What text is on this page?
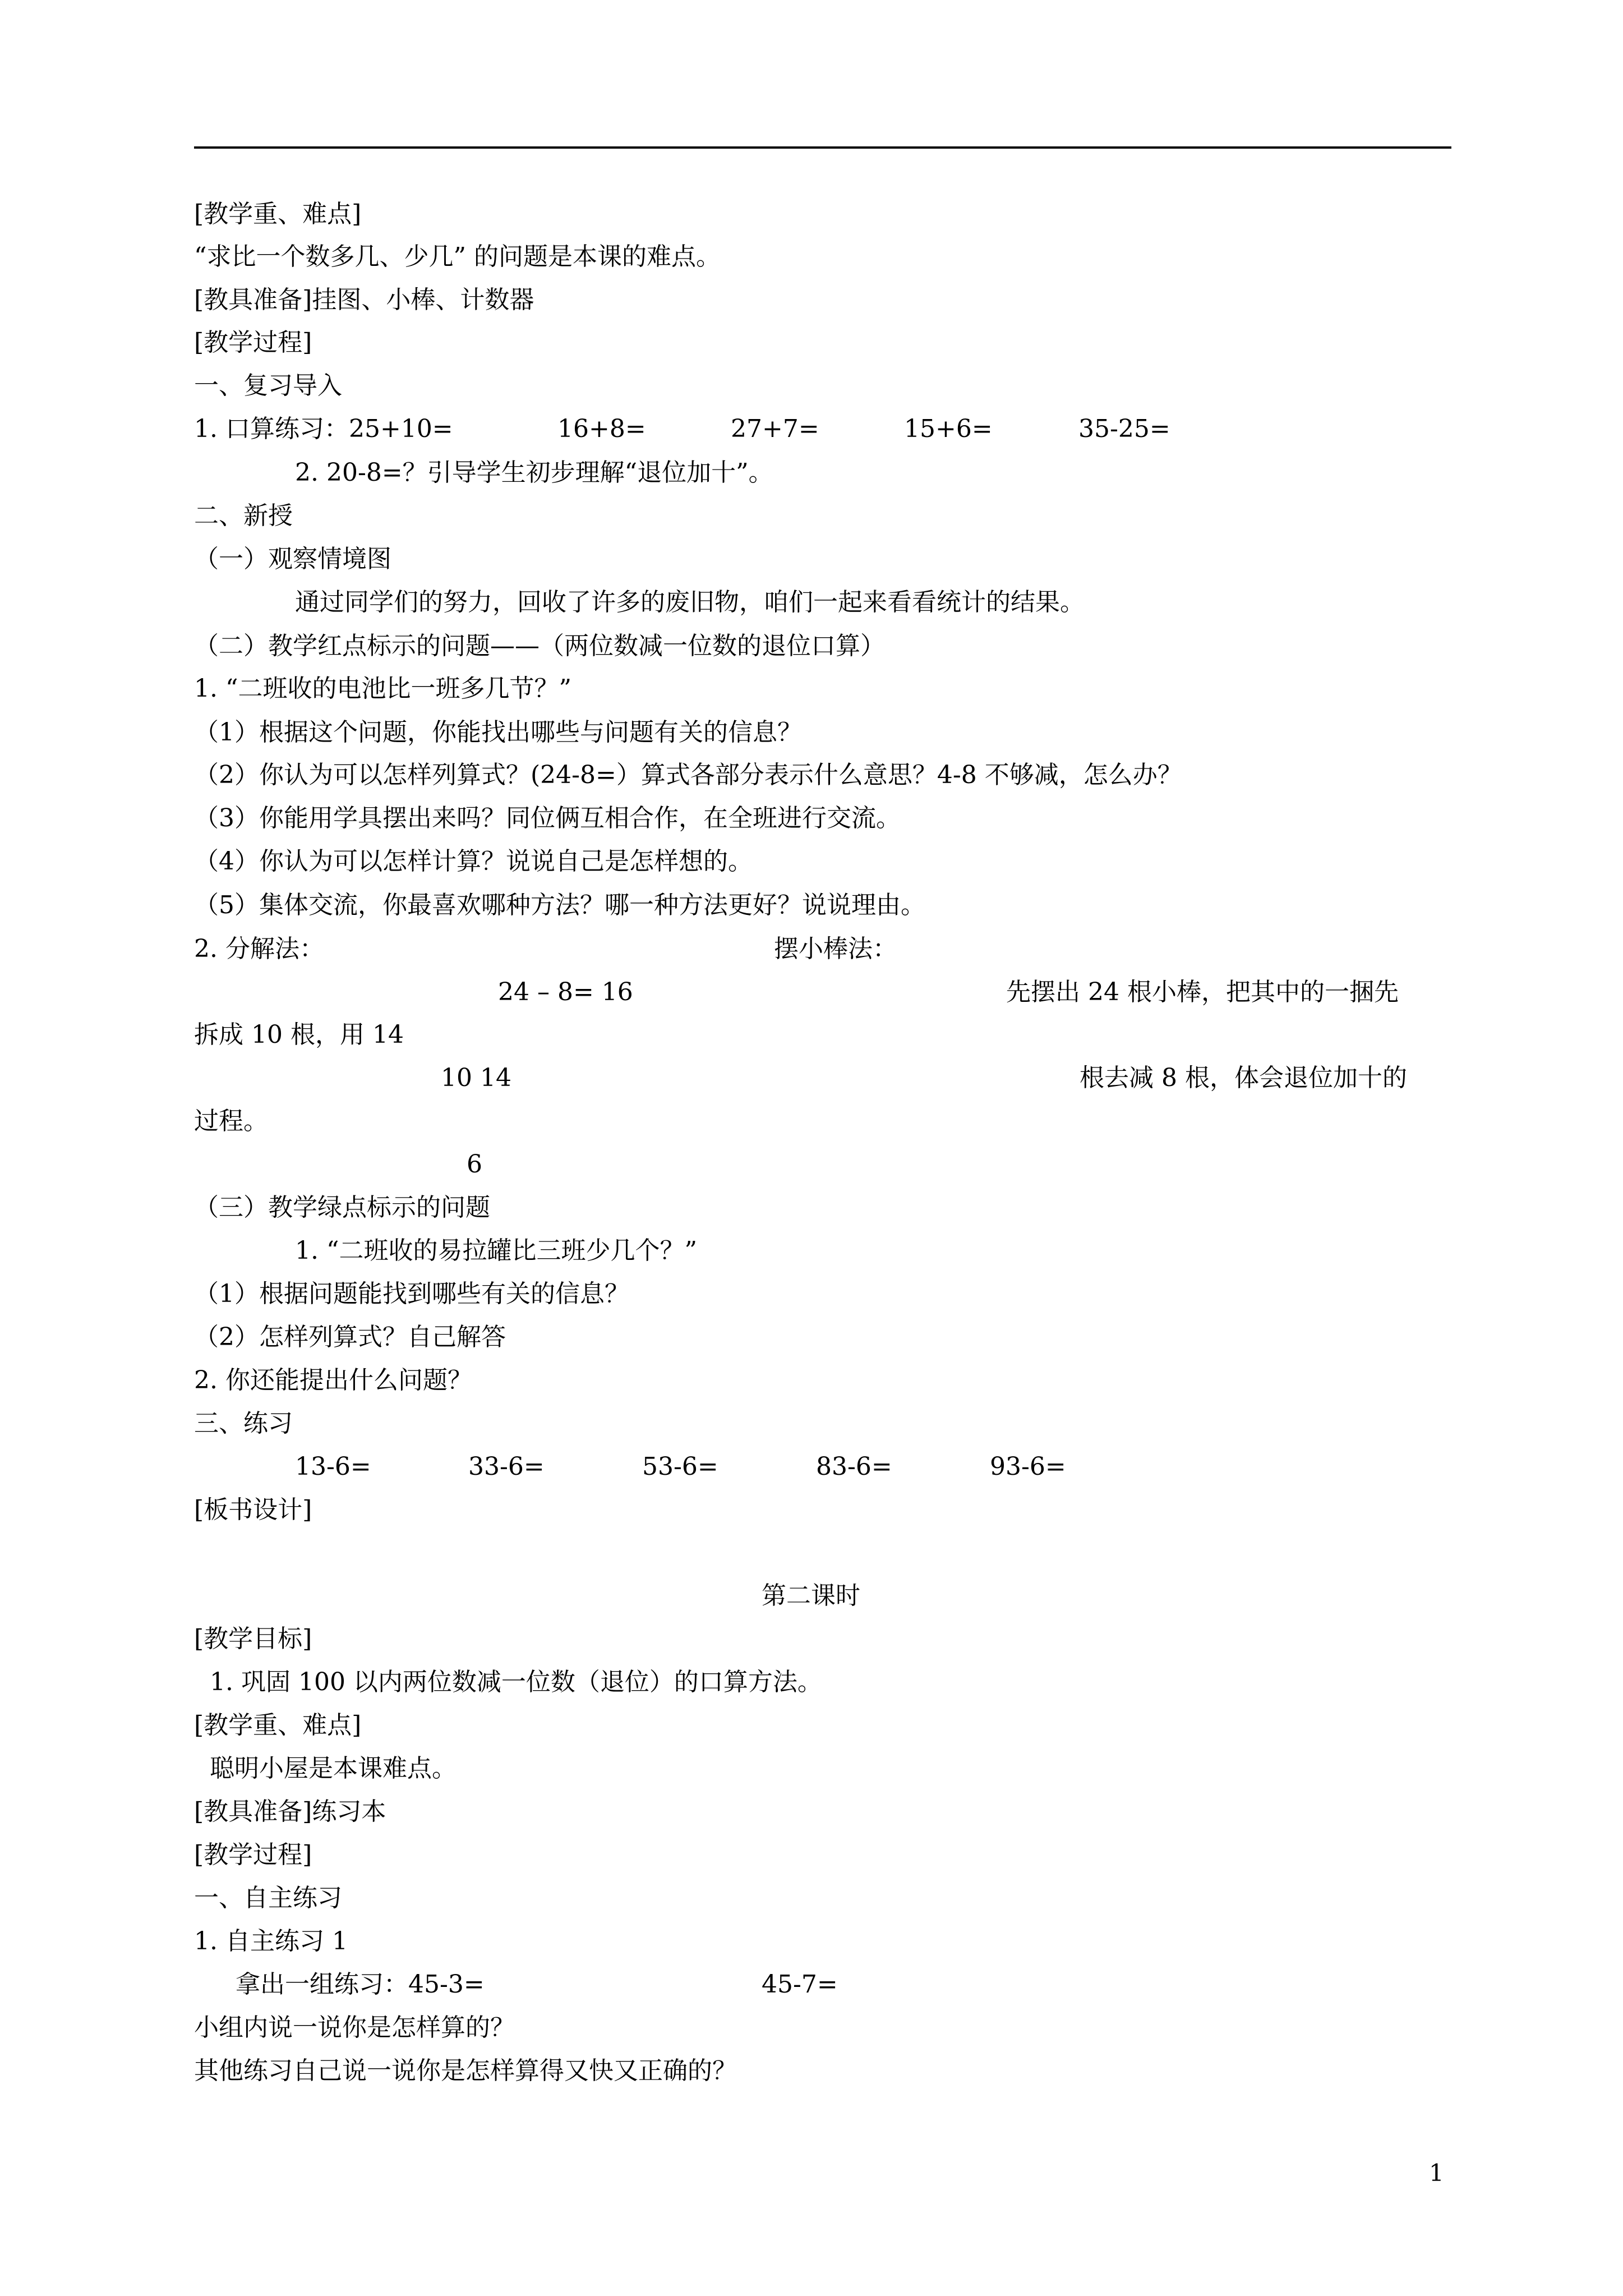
[教学重、难点]
“求比一个数多几、少几” 的问题是本课的难点。
[教具准备]挂图、小棒、计数器
[教学过程]
一、复习导入
1. 口算练习：25+10=	16+8=	27+7=	15+6=	35-25=
2. 20-8=？引导学生初步理解“退位加十”。
二、新授
（一）观察情境图
通过同学们的努力，回收了许多的废旧物，咱们一起来看看统计的结果。
（二）教学红点标示的问题——（两位数减一位数的退位口算）
1. “二班收的电池比一班多几节？”
（1）根据这个问题，你能找出哪些与问题有关的信息？
（2）你认为可以怎样列算式？(24-8=）算式各部分表示什么意思？4-8 不够减，怎么办？
（3）你能用学具摆出来吗？同位俩互相合作，在全班进行交流。
（4）你认为可以怎样计算？说说自己是怎样想的。
（5）集体交流，你最喜欢哪种方法？哪一种方法更好？说说理由。
2. 分解法：	摆小棒法：
24 – 8= 16	先摆出 24 根小棒，把其中的一捆先
拆成 10 根，用 14
10 14	根去减 8 根，体会退位加十的
过程。
6
（三）教学绿点标示的问题
1. “二班收的易拉罐比三班少几个？”
（1）根据问题能找到哪些有关的信息？
（2）怎样列算式？自己解答
2. 你还能提出什么问题？
三、练习
13-6=	33-6=	53-6=	83-6=	93-6=
[板书设计]
第二课时
[教学目标]
1. 巩固 100 以内两位数减一位数（退位）的口算方法。
[教学重、难点]
聪明小屋是本课难点。
[教具准备]练习本
[教学过程]
一、自主练习
1. 自主练习 1
拿出一组练习：45-3=	45-7=
小组内说一说你是怎样算的？
其他练习自己说一说你是怎样算得又快又正确的？
1
